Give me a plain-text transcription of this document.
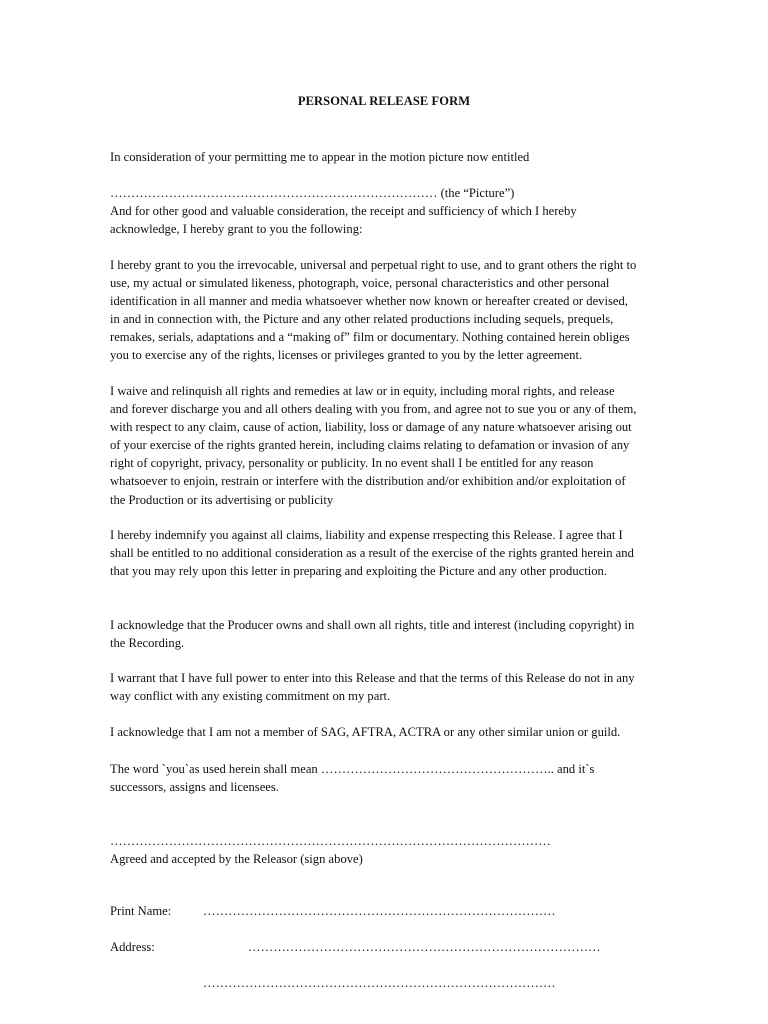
PERSONAL RELEASE FORM

In consideration of your permitting me to appear in the motion picture now entitled

…………………………………………………………………… (the “Picture”)
And for other good and valuable consideration, the receipt and sufficiency of which I hereby
acknowledge, I hereby grant to you the following:

I hereby grant to you the irrevocable, universal and perpetual right to use, and to grant others the right to
use, my actual or simulated likeness, photograph, voice, personal characteristics and other personal
identification in all manner and media whatsoever whether now known or hereafter created or devised,
in and in connection with, the Picture and any other related productions including sequels, prequels,
remakes, serials, adaptations and a “making of” film or documentary. Nothing contained herein obliges
you to exercise any of the rights, licenses or privileges granted to you by the letter agreement.

I waive and relinquish all rights and remedies at law or in equity, including moral rights, and release
and forever discharge you and all others dealing with you from, and agree not to sue you or any of them,
with respect to any claim, cause of action, liability, loss or damage of any nature whatsoever arising out
of your exercise of the rights granted herein, including claims relating to defamation or invasion of any
right of copyright, privacy, personality or publicity. In no event shall I be entitled for any reason
whatsoever to enjoin, restrain or interfere with the distribution and/or exhibition and/or exploitation of
the Production or its advertising or publicity

I hereby indemnify you against all claims, liability and expense rrespecting this Release. I agree that I
shall be entitled to no additional consideration as a result of the exercise of the rights granted herein and
that you may rely upon this letter in preparing and exploiting the Picture and any other production.

I acknowledge that the Producer owns and shall own all rights, title and interest (including copyright) in
the Recording.

I warrant that I have full power to enter into this Release and that the terms of this Release do not in any
way conflict with any existing commitment on my part.

I acknowledge that I am not a member of SAG, AFTRA, ACTRA or any other similar union or guild.

The word `you`as used herein shall mean ……………………………………………….. and it`s
successors, assigns and licensees.

……………………………………………………………………………………………
Agreed and accepted by the Releasor (sign above)

Print Name:	…………………………………………………………………………
Address:	…………………………………………………………………………
…………………………………………………………………………
